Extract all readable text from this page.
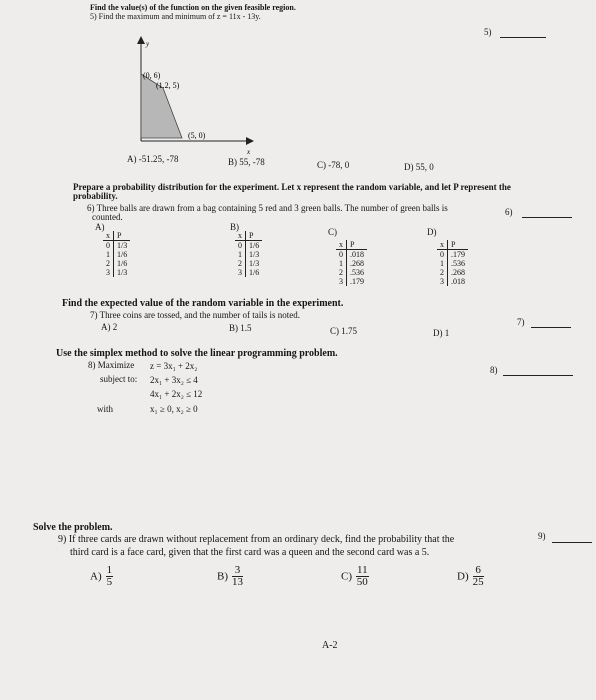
Find the value(s) of the function on the given feasible region.
5) Find the maximum and minimum of z = 11x - 13y.
5)
y
x
(0, 6)
(1.2, 5)
(5, 0)
A) -51.25, -78	B) 55, -78	C) -78, 0	D) 55, 0
Prepare a probability distribution for the experiment. Let x represent the random variable, and let P represent the
probability.
6) Three balls are drawn from a bag containing 5 red and 3 green balls. The number of green balls is
counted.	6)
A)	B)	C)	D)
x	P
0	1/3
1	1/6
2	1/6
3	1/3
x	P
0	1/6
1	1/3
2	1/3
3	1/6
x	P
0	.018
1	.268
2	.536
3	.179
x	P
0	.179
1	.536
2	.268
3	.018
Find the expected value of the random variable in the experiment.
7) Three coins are tossed, and the number of tails is noted.
7)
A) 2	B) 1.5	C) 1.75	D) 1
Use the simplex method to solve the linear programming problem.
8) Maximize z = 3x₁ + 2x₂
subject to: 2x₁ + 3x₂ ≤ 4
4x₁ + 2x₂ ≤ 12
with	x₁ ≥ 0, x₂ ≥ 0
8)
Solve the problem.
9) If three cards are drawn without replacement from an ordinary deck, find the probability that the
third card is a face card, given that the first card was a queen and the second card was a 5.
9)
$A) \frac{1}{5}$	$B) \frac{3}{13}$	$C) \frac{11}{50}$	$D) \frac{6}{25}$
A-2
